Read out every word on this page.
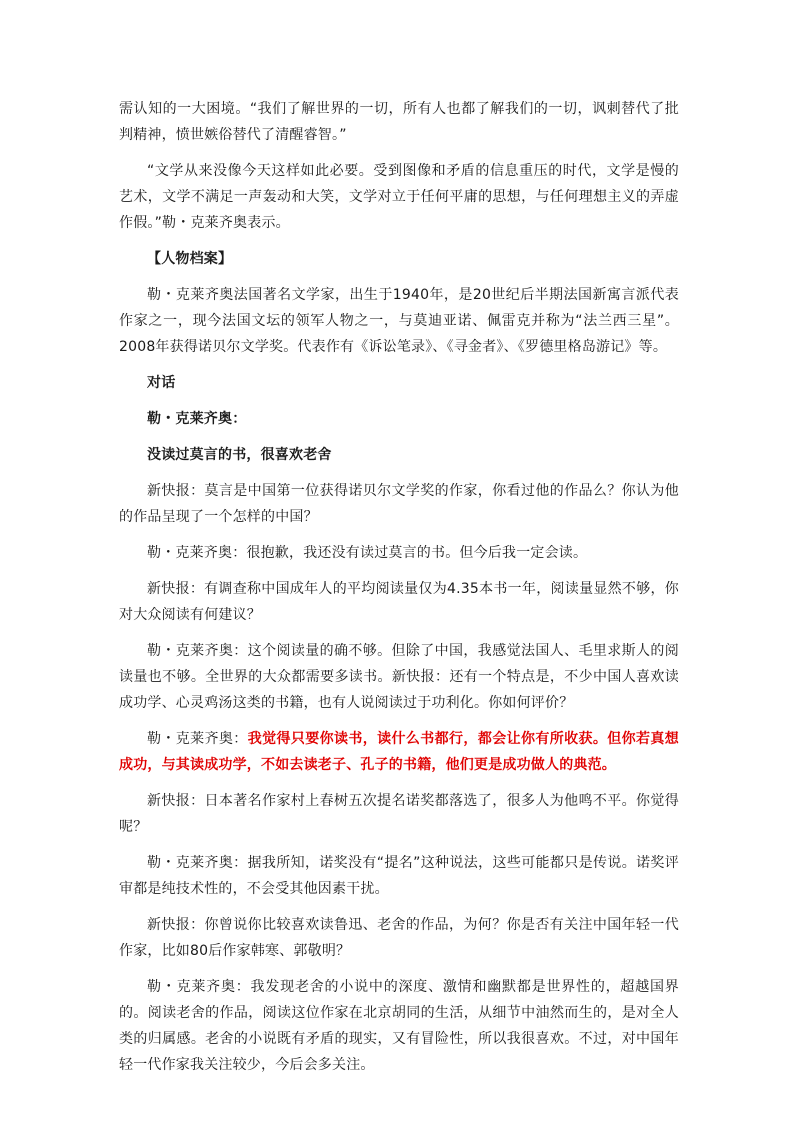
需认知的一大困境。“我们了解世界的一切，所有人也都了解我们的一切，讽刺替代了批判精神，愤世嫉俗替代了清醒睿智。”

“文学从来没像今天这样如此必要。受到图像和矛盾的信息重压的时代，文学是慢的艺术，文学不满足一声轰动和大笑，文学对立于任何平庸的思想，与任何理想主义的弄虚作假。”勒・克莱齐奥表示。

【人物档案】

勒・克莱齐奥法国著名文学家，出生于1940年，是20世纪后半期法国新寓言派代表作家之一，现今法国文坛的领军人物之一，与莫迪亚诺、佩雷克并称为“法兰西三星”。2008年获得诺贝尔文学奖。代表作有《诉讼笔录》、《寻金者》、《罗德里格岛游记》等。

对话

勒・克莱齐奥：

没读过莫言的书，很喜欢老舍

新快报：莫言是中国第一位获得诺贝尔文学奖的作家，你看过他的作品么？你认为他的作品呈现了一个怎样的中国？

勒・克莱齐奥：很抱歉，我还没有读过莫言的书。但今后我一定会读。

新快报：有调查称中国成年人的平均阅读量仅为4.35本书一年，阅读量显然不够，你对大众阅读有何建议？

勒・克莱齐奥：这个阅读量的确不够。但除了中国，我感觉法国人、毛里求斯人的阅读量也不够。全世界的大众都需要多读书。新快报：还有一个特点是，不少中国人喜欢读成功学、心灵鸡汤这类的书籍，也有人说阅读过于功利化。你如何评价？

勒・克莱齐奥：我觉得只要你读书，读什么书都行，都会让你有所收获。但你若真想成功，与其读成功学，不如去读老子、孔子的书籍，他们更是成功做人的典范。

新快报：日本著名作家村上春树五次提名诺奖都落选了，很多人为他鸣不平。你觉得呢？

勒・克莱齐奥：据我所知，诺奖没有“提名”这种说法，这些可能都只是传说。诺奖评审都是纯技术性的，不会受其他因素干扰。

新快报：你曾说你比较喜欢读鲁迅、老舍的作品，为何？你是否有关注中国年轻一代作家，比如80后作家韩寒、郭敬明？

勒・克莱齐奥：我发现老舍的小说中的深度、激情和幽默都是世界性的，超越国界的。阅读老舍的作品，阅读这位作家在北京胡同的生活，从细节中油然而生的，是对全人类的归属感。老舍的小说既有矛盾的现实，又有冒险性，所以我很喜欢。不过，对中国年轻一代作家我关注较少，今后会多关注。
